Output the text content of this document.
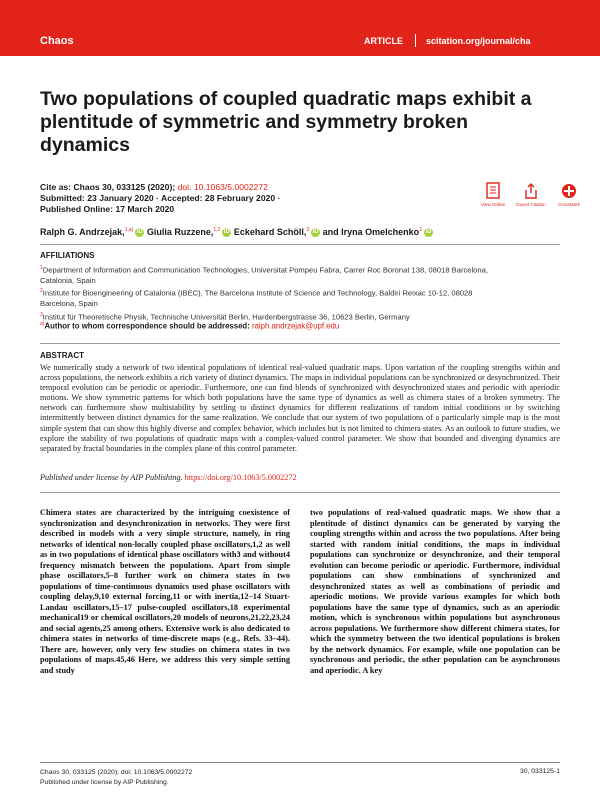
Chaos	ARTICLE	scitation.org/journal/cha
Two populations of coupled quadratic maps exhibit a plentitude of symmetric and symmetry broken dynamics
Cite as: Chaos 30, 033125 (2020); doi: 10.1063/5.0002272
Submitted: 23 January 2020 · Accepted: 28 February 2020 ·
Published Online: 17 March 2020	View Online	Export Citation	CrossMark
Ralph G. Andrzejak,$^{1,a)}$ iD Giulia Ruzzene,$^{1,2}$ iD Eckehard Schöll,$^3$ iD and Iryna Omelchenko$^3$ iD
AFFILIATIONS

$^1$Department of Information and Communication Technologies, Universitat Pompeu Fabra, Carrer Roc Boronat 138, 08018 Barcelona, Catalonia, Spain

$^2$Institute for Bioengineering of Catalonia (IBEC), The Barcelona Institute of Science and Technology, Baldiri Reixac 10-12, 08028 Barcelona, Spain

$^3$Institut für Theoretische Physik, Technische Universität Berlin, Hardenbergstrasse 36, 10623 Berlin, Germany

$^{a)}$Author to whom correspondence should be addressed: ralph.andrzejak@upf.edu
ABSTRACT

We numerically study a network of two identical populations of identical real-valued quadratic maps. Upon variation of the coupling strengths within and across populations, the network exhibits a rich variety of distinct dynamics. The maps in individual populations can be synchronized or desynchronized. Their temporal evolution can be periodic or aperiodic. Furthermore, one can find blends of synchronized with desynchronized states and periodic with aperiodic motions. We show symmetric patterns for which both populations have the same type of dynamics as well as chimera states of a broken symmetry. The network can furthermore show multistability by settling to distinct dynamics for different realizations of random initial conditions or by switching intermittently between distinct dynamics for the same realization. We conclude that our system of two populations of a particularly simple map is the most simple system that can show this highly diverse and complex behavior, which includes but is not limited to chimera states. As an outlook to future studies, we explore the stability of two populations of quadratic maps with a complex-valued control parameter. We show that bounded and diverging dynamics are separated by fractal boundaries in the complex plane of this control parameter.

Published under license by AIP Publishing. https://doi.org/10.1063/5.0002272

Chimera states are characterized by the intriguing coexistence of synchronization and desynchronization in networks. They were first described in models with a very simple structure, namely, in ring networks of identical non-locally coupled phase oscillators,1,2 as well as in two populations of identical phase oscillators with3 and without4 frequency mismatch between the populations. Apart from simple phase oscillators,5–8 further work on chimera states in two populations of time-continuous dynamics used phase oscillators with coupling delay,9,10 external forcing,11 or with inertia,12–14 Stuart-Landau oscillators,15–17 pulse-coupled oscillators,18 experimental mechanical19 or chemical oscillators,20 models of neurons,21,22,23,24 and social agents,25 among others. Extensive work is also dedicated to chimera states in networks of time-discrete maps (e.g., Refs. 33–44). There are, however, only very few studies on chimera states in two populations of maps.45,46 Here, we address this very simple setting and study

two populations of real-valued quadratic maps. We show that a plentitude of distinct dynamics can be generated by varying the coupling strengths within and across the two populations. After being started with random initial conditions, the maps in individual populations can synchronize or desynchronize, and their temporal evolution can become periodic or aperiodic. Furthermore, individual populations can show combinations of synchronized and desynchronized states as well as combinations of periodic and aperiodic motions. We provide various examples for which both populations have the same type of dynamics, such as an aperiodic motion, which is synchronous within populations but asynchronous across populations. We furthermore show different chimera states, for which the symmetry between the two identical populations is broken by the network dynamics. For example, while one population can be synchronous and periodic, the other population can be asynchronous and aperiodic. A key

Chaos 30, 033125 (2020); doi: 10.1063/5.0002272
Published under license by AIP Publishing.
30, 033125-1
